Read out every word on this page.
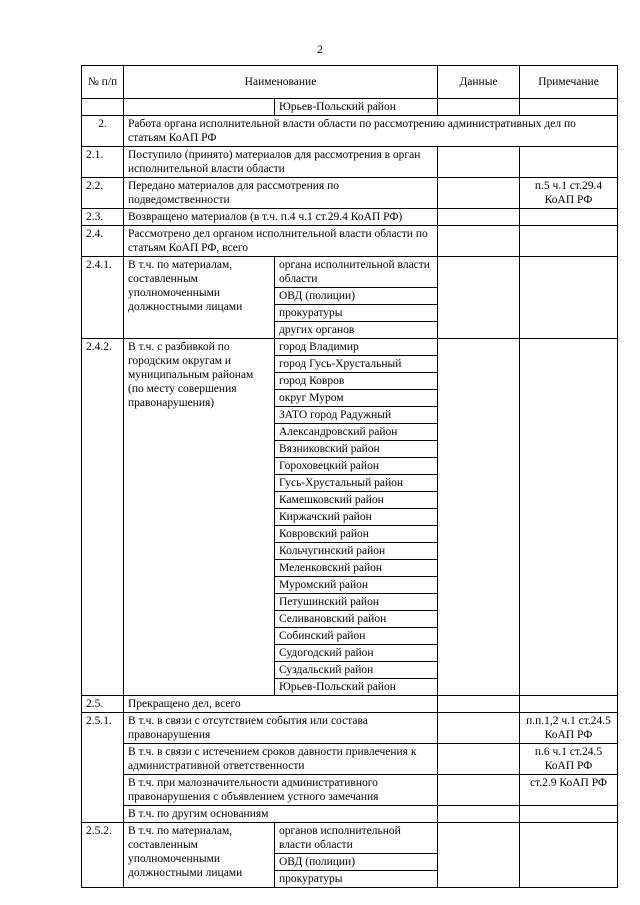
2
№ п/п	Наименование		Данные	Примечание
		Юрьев-Польский район		
2.	Работа органа исполнительной власти области по рассмотрению административных дел по статьям КоАП РФ			
2.1.	Поступило (принято) материалов для рассмотрения в орган исполнительной власти области			
2.2.	Передано материалов для рассмотрения по подведомственности			п.5 ч.1 ст.29.4 КоАП РФ
2.3.	Возвращено материалов (в т.ч. п.4 ч.1 ст.29.4 КоАП РФ)			
2.4.	Рассмотрено дел органом исполнительной власти области по статьям КоАП РФ, всего			
2.4.1.	В т.ч. по материалам, составленным уполномоченными должностными лицами	органа исполнительной власти области		
		ОВД (полиции)		
		прокуратуры		
		других органов		
2.4.2.	В т.ч. с разбивкой по городским округам и муниципальным районам (по месту совершения правонарушения)	город Владимир		
		город Гусь-Хрустальный		
		город Ковров		
		округ Муром		
		ЗАТО город Радужный		
		Александровский район		
		Вязниковский район		
		Гороховецкий район		
		Гусь-Хрустальный район		
		Камешковский район		
		Киржачский район		
		Ковровский район		
		Кольчугинский район		
		Меленковский район		
		Муромский район		
		Петушинский район		
		Селивановский район		
		Собинский район		
		Судогодский район		
		Суздальский район		
		Юрьев-Польский район		
2.5.	Прекращено дел, всего			
2.5.1.	В т.ч. в связи с отсутствием события или состава правонарушения			п.п.1,2 ч.1 ст.24.5 КоАП РФ
	В т.ч. в связи с истечением сроков давности привлечения к административной ответственности			п.6 ч.1 ст.24.5 КоАП РФ
	В т.ч. при малозначительности административного правонарушения с объявлением устного замечания			ст.2.9 КоАП РФ
	В т.ч. по другим основаниям			
2.5.2.	В т.ч. по материалам, составленным уполномоченными должностными лицами	органов исполнительной власти области		
		ОВД (полиции)		
		прокуратуры		
